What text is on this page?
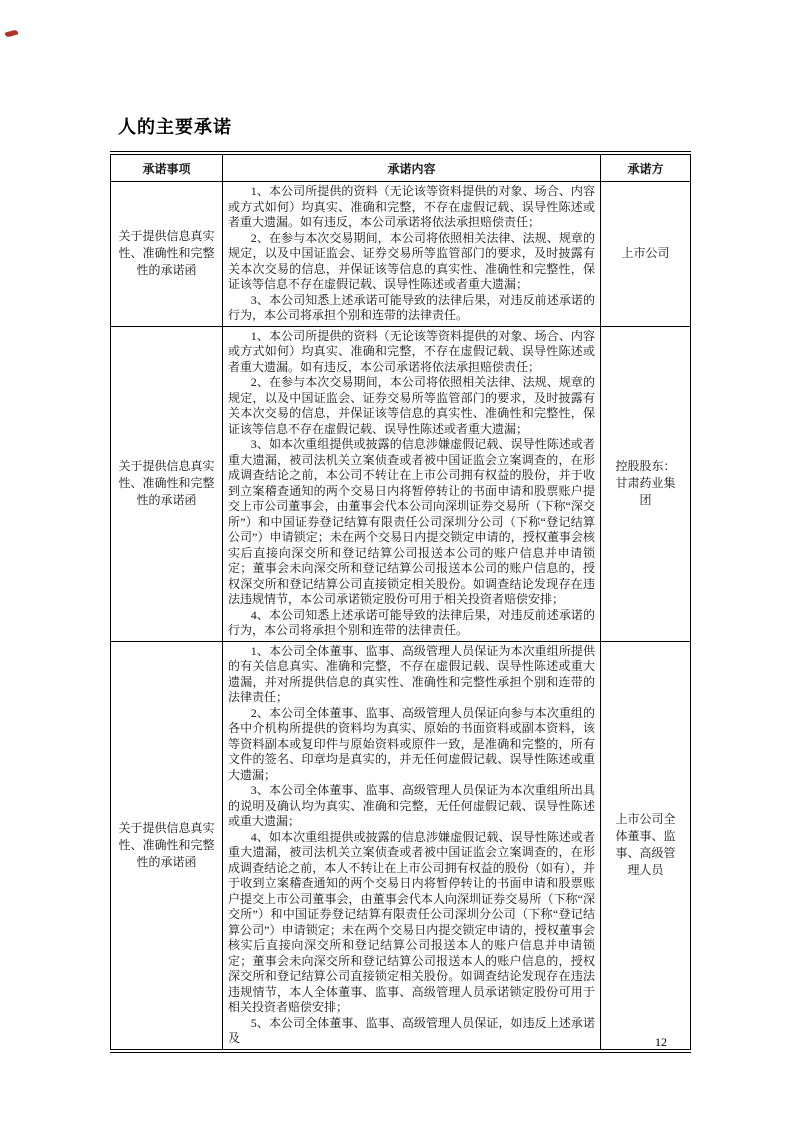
人的主要承诺
承诺事项	承诺内容	承诺方
关于提供信息真实性、准确性和完整性的承诺函	1、本公司所提供的资料（无论该等资料提供的对象、场合、内容或方式如何）均真实、准确和完整，不存在虚假记载、误导性陈述或者重大遗漏。如有违反，本公司承诺将依法承担赔偿责任；

2、在参与本次交易期间，本公司将依照相关法律、法规、规章的规定，以及中国证监会、证券交易所等监管部门的要求，及时披露有关本次交易的信息，并保证该等信息的真实性、准确性和完整性，保证该等信息不存在虚假记载、误导性陈述或者重大遗漏；

3、本公司知悉上述承诺可能导致的法律后果，对违反前述承诺的行为，本公司将承担个别和连带的法律责任。	上市公司
关于提供信息真实性、准确性和完整性的承诺函	1、本公司所提供的资料（无论该等资料提供的对象、场合、内容或方式如何）均真实、准确和完整，不存在虚假记载、误导性陈述或者重大遗漏。如有违反，本公司承诺将依法承担赔偿责任；

2、在参与本次交易期间，本公司将依照相关法律、法规、规章的规定，以及中国证监会、证券交易所等监管部门的要求，及时披露有关本次交易的信息，并保证该等信息的真实性、准确性和完整性，保证该等信息不存在虚假记载、误导性陈述或者重大遗漏；

3、如本次重组提供或披露的信息涉嫌虚假记载、误导性陈述或者重大遗漏，被司法机关立案侦查或者被中国证监会立案调查的，在形成调查结论之前，本公司不转让在上市公司拥有权益的股份，并于收到立案稽查通知的两个交易日内将暂停转让的书面申请和股票账户提交上市公司董事会，由董事会代本公司向深圳证券交易所（下称“深交所”）和中国证券登记结算有限责任公司深圳分公司（下称“登记结算公司”）申请锁定；未在两个交易日内提交锁定申请的，授权董事会核实后直接向深交所和登记结算公司报送本公司的账户信息并申请锁定；董事会未向深交所和登记结算公司报送本公司的账户信息的，授权深交所和登记结算公司直接锁定相关股份。如调查结论发现存在违法违规情节，本公司承诺锁定股份可用于相关投资者赔偿安排；

4、本公司知悉上述承诺可能导致的法律后果，对违反前述承诺的行为，本公司将承担个别和连带的法律责任。	控股股东：甘肃药业集团
关于提供信息真实性、准确性和完整性的承诺函	1、本公司全体董事、监事、高级管理人员保证为本次重组所提供的有关信息真实、准确和完整，不存在虚假记载、误导性陈述或重大遗漏，并对所提供信息的真实性、准确性和完整性承担个别和连带的法律责任；

2、本公司全体董事、监事、高级管理人员保证向参与本次重组的各中介机构所提供的资料均为真实、原始的书面资料或副本资料，该等资料副本或复印件与原始资料或原件一致，是准确和完整的，所有文件的签名、印章均是真实的，并无任何虚假记载、误导性陈述或重大遗漏；

3、本公司全体董事、监事、高级管理人员保证为本次重组所出具的说明及确认均为真实、准确和完整，无任何虚假记载、误导性陈述或重大遗漏；

4、如本次重组提供或披露的信息涉嫌虚假记载、误导性陈述或者重大遗漏，被司法机关立案侦查或者被中国证监会立案调查的，在形成调查结论之前，本人不转让在上市公司拥有权益的股份（如有），并于收到立案稽查通知的两个交易日内将暂停转让的书面申请和股票账户提交上市公司董事会，由董事会代本人向深圳证券交易所（下称“深交所”）和中国证券登记结算有限责任公司深圳分公司（下称“登记结算公司”）申请锁定；未在两个交易日内提交锁定申请的，授权董事会核实后直接向深交所和登记结算公司报送本人的账户信息并申请锁定；董事会未向深交所和登记结算公司报送本人的账户信息的，授权深交所和登记结算公司直接锁定相关股份。如调查结论发现存在违法违规情节，本人全体董事、监事、高级管理人员承诺锁定股份可用于相关投资者赔偿安排；

5、本公司全体董事、监事、高级管理人员保证，如违反上述承诺及	上市公司全体董事、监事、高级管理人员
12
